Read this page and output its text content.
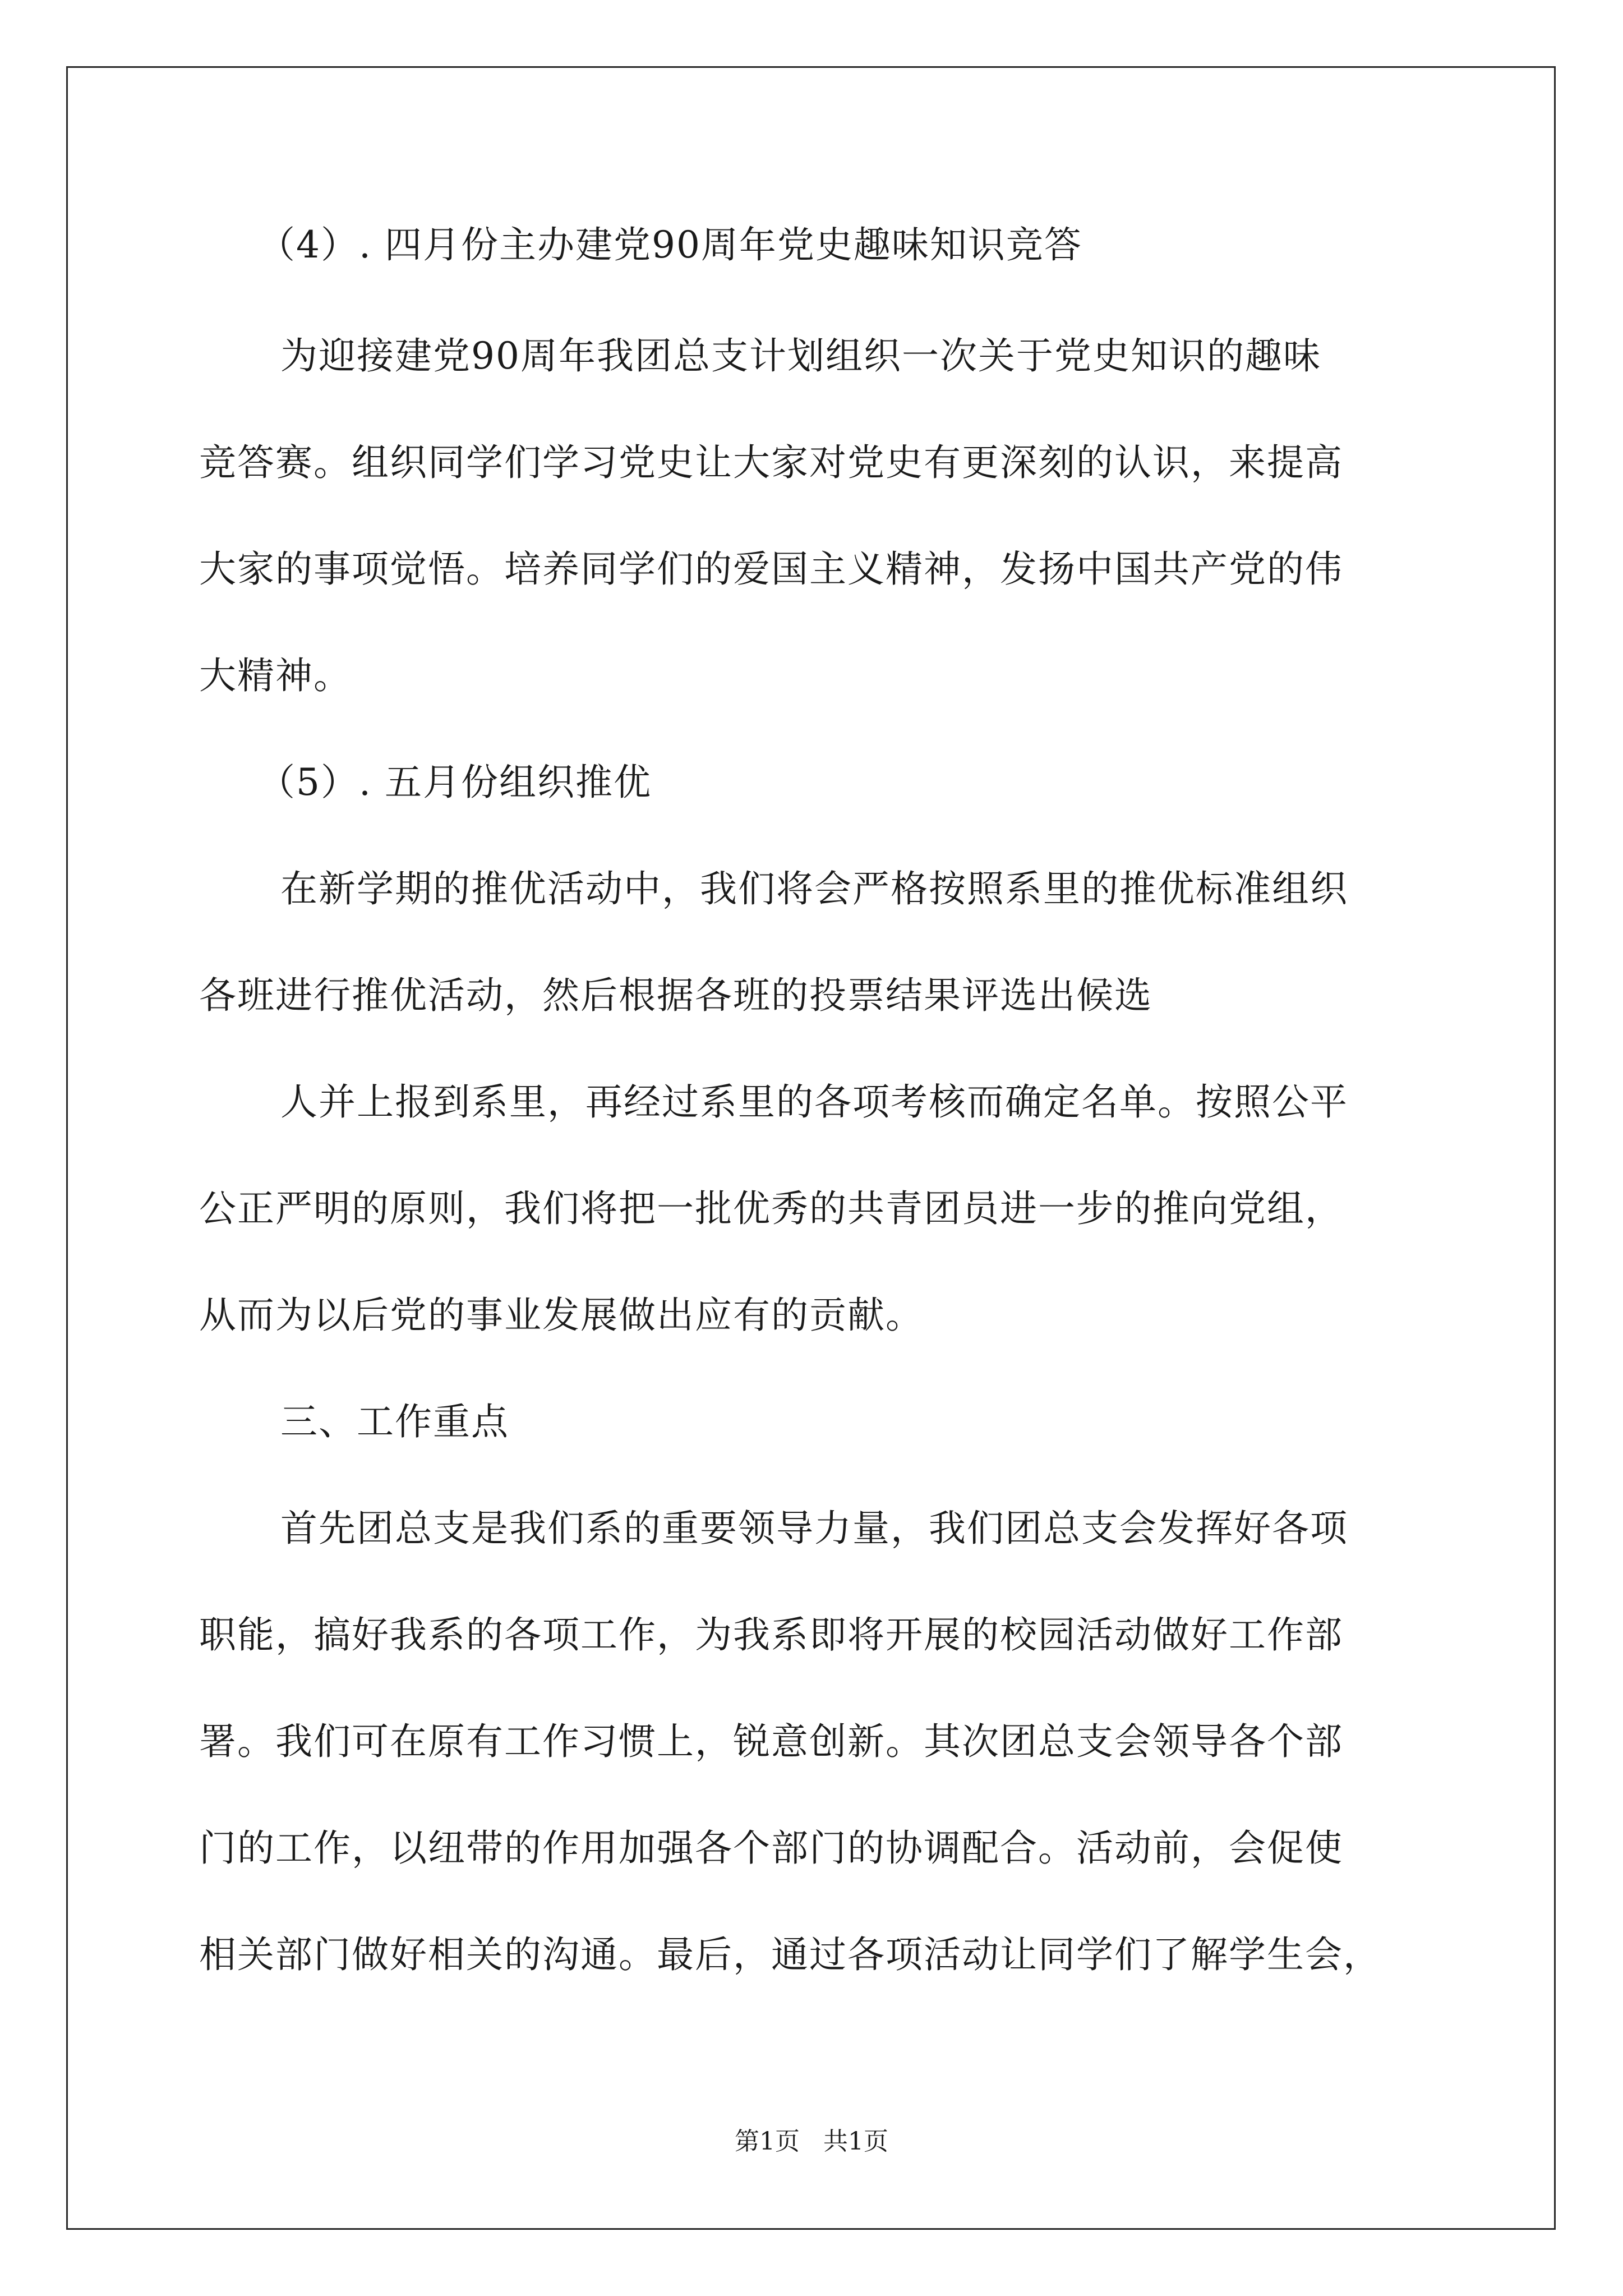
（4）. 四月份主办建党90周年党史趣味知识竞答
为迎接建党90周年我团总支计划组织一次关于党史知识的趣味
竞答赛。组织同学们学习党史让大家对党史有更深刻的认识，来提高
大家的事项觉悟。培养同学们的爱国主义精神，发扬中国共产党的伟
大精神。
（5）. 五月份组织推优
在新学期的推优活动中，我们将会严格按照系里的推优标准组织
各班进行推优活动，然后根据各班的投票结果评选出候选
人并上报到系里，再经过系里的各项考核而确定名单。按照公平
公正严明的原则，我们将把一批优秀的共青团员进一步的推向党组，
从而为以后党的事业发展做出应有的贡献。
三、工作重点
首先团总支是我们系的重要领导力量，我们团总支会发挥好各项
职能，搞好我系的各项工作，为我系即将开展的校园活动做好工作部
署。我们可在原有工作习惯上，锐意创新。其次团总支会领导各个部
门的工作，以纽带的作用加强各个部门的协调配合。活动前，会促使
相关部门做好相关的沟通。最后，通过各项活动让同学们了解学生会，
第1页   共1页
